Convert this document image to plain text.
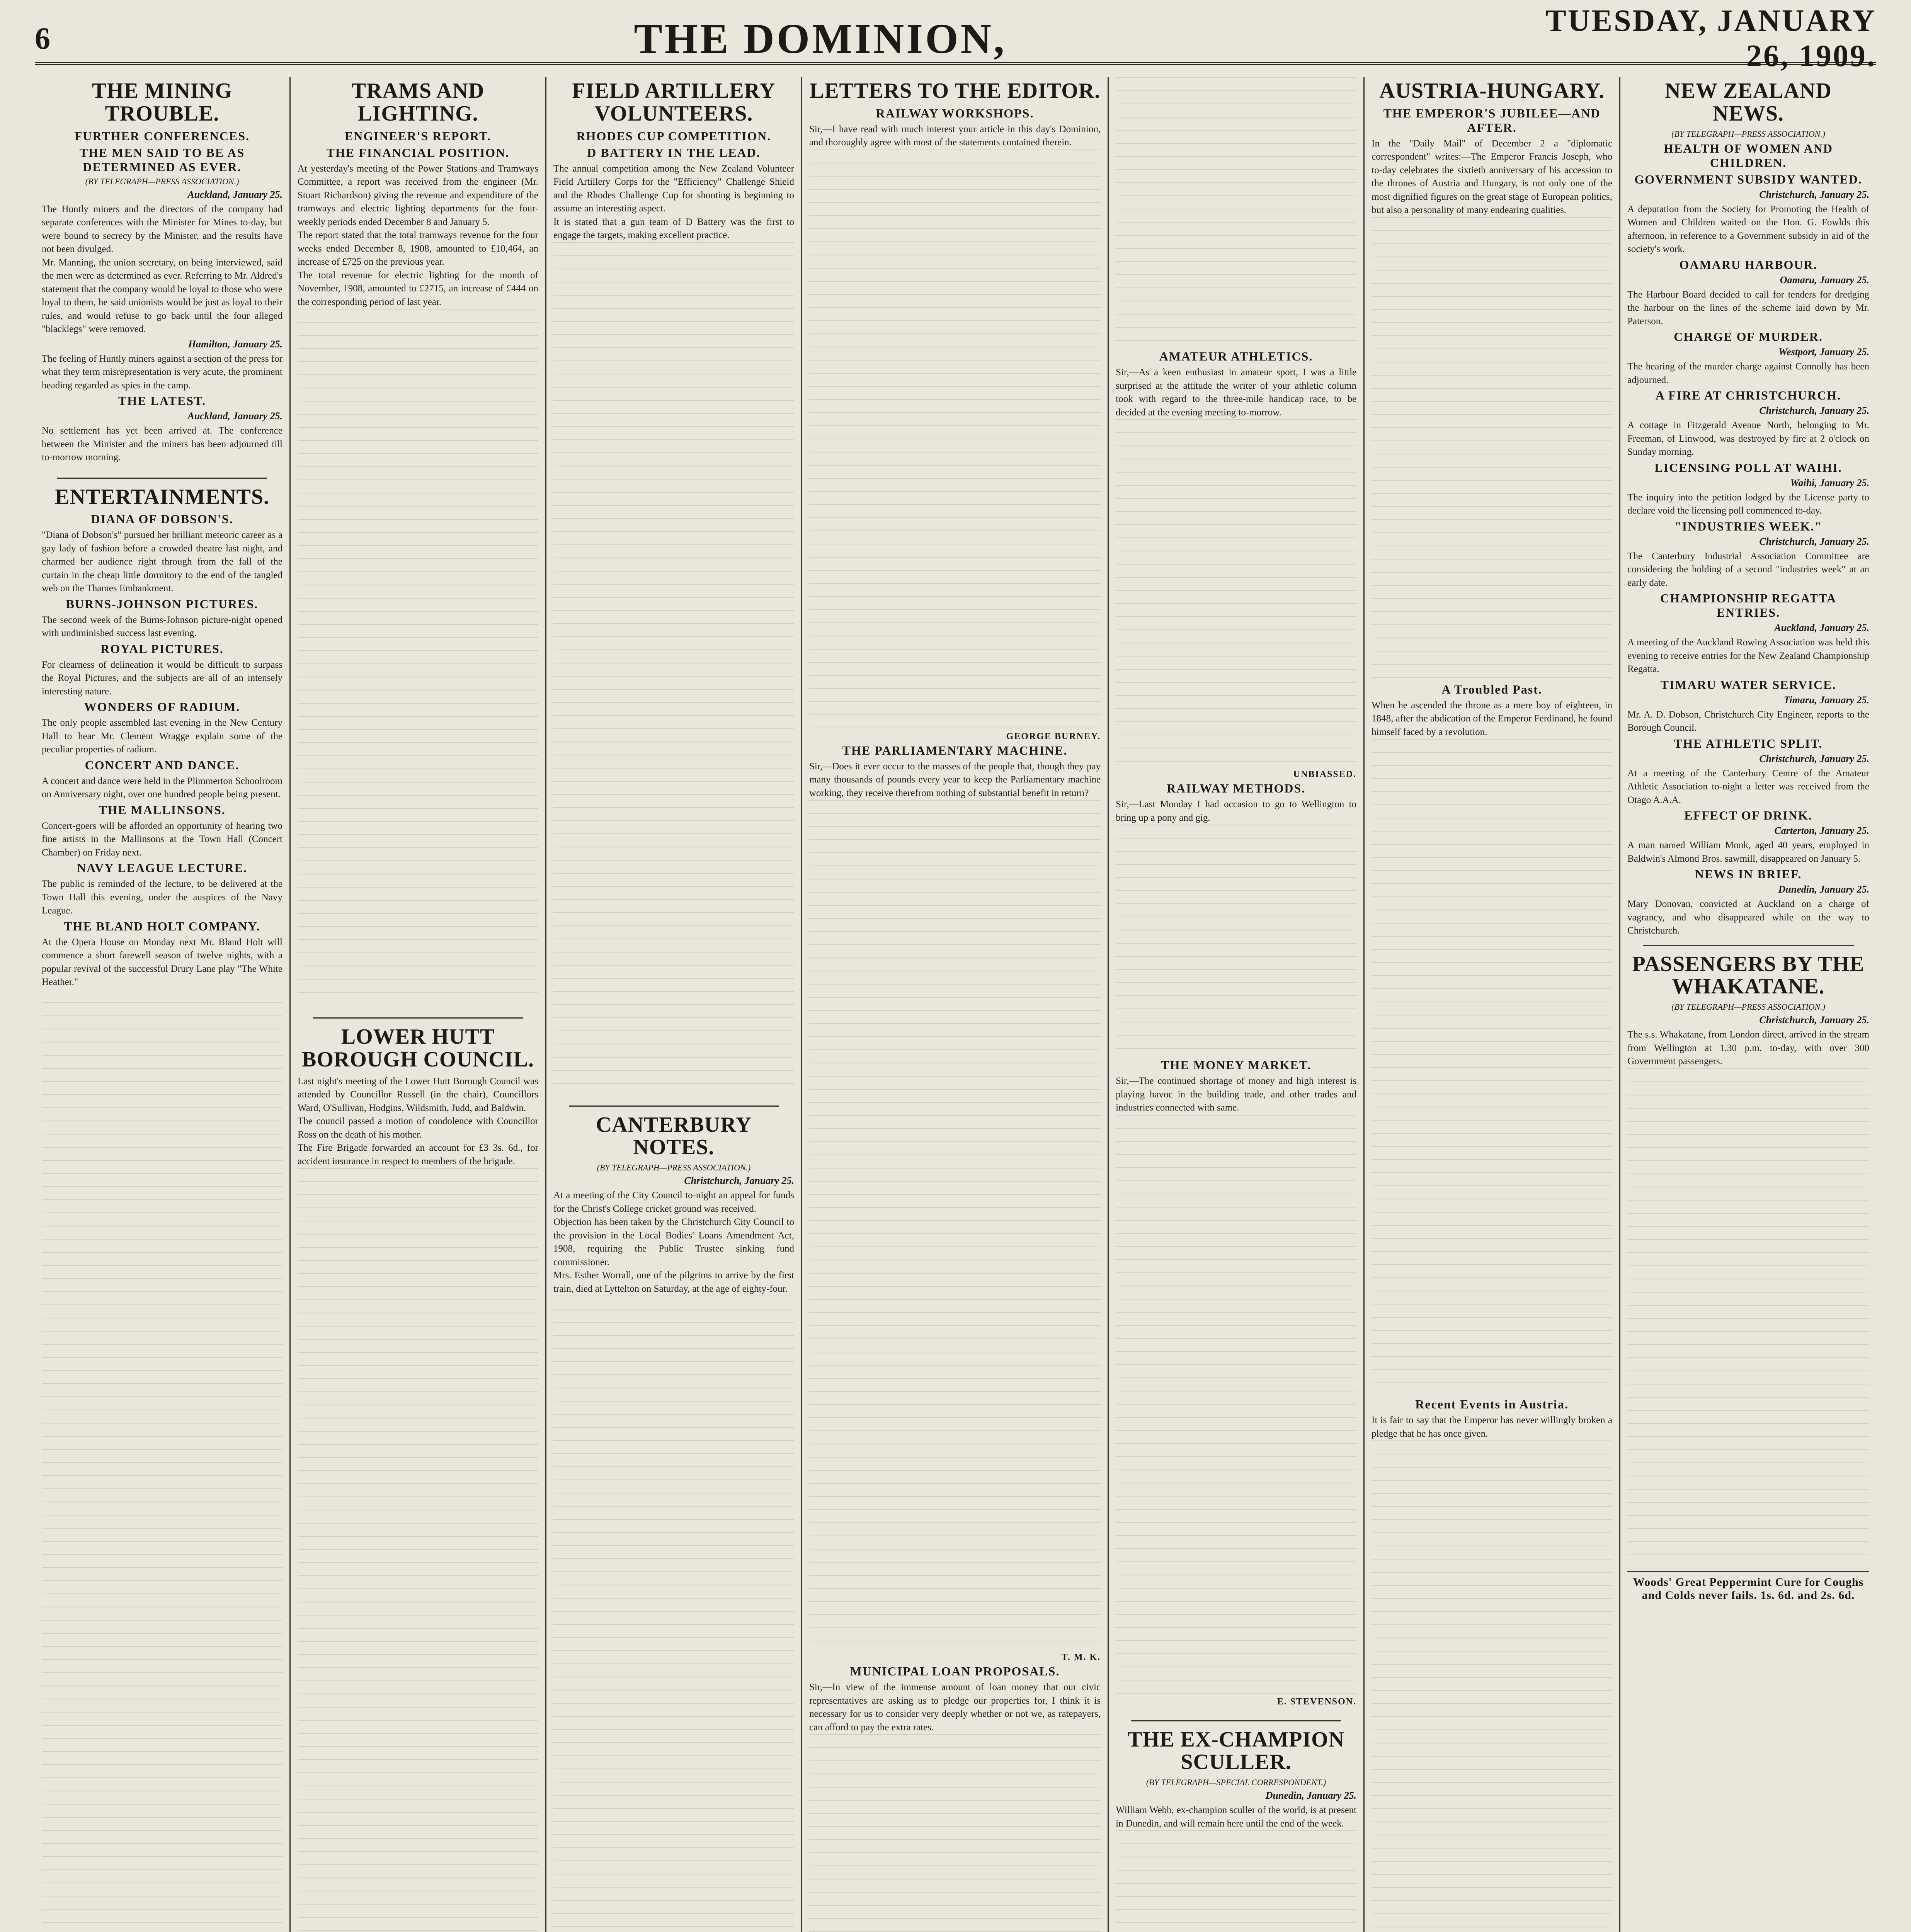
6	THE DOMINION,	TUESDAY, JANUARY 26, 1909.
THE MINING TROUBLE.
FURTHER CONFERENCES.
THE MEN SAID TO BE AS DETERMINED AS EVER.
(BY TELEGRAPH—PRESS ASSOCIATION.)
Auckland, January 25.
The Huntly miners and the directors of the company had separate conferences with the Minister for Mines to-day, but were bound to secrecy by the Minister, and the results have not been divulged.
Mr. Manning, the union secretary, on being interviewed, said the men were as determined as ever. Referring to Mr. Aldred's statement that the company would be loyal to those who were loyal to them, he said unionists would be just as loyal to their rules, and would refuse to go back until the four alleged "blacklegs" were removed.
Hamilton, January 25.
The feeling of Huntly miners against a section of the press for what they term misrepresentation is very acute, the prominent heading regarded as spies in the camp.
THE LATEST.
Auckland, January 25.
No settlement has yet been arrived at. The conference between the Minister and the miners has been adjourned till to-morrow morning.
ENTERTAINMENTS.
DIANA OF DOBSON'S.
"Diana of Dobson's" pursued her brilliant meteoric career as a gay lady of fashion before a crowded theatre last night, and charmed her audience right through from the fall of the curtain in the cheap little dormitory to the end of the tangled web on the Thames Embankment.
BURNS-JOHNSON PICTURES.
The second week of the Burns-Johnson picture-night opened with undiminished success last evening.
ROYAL PICTURES.
For clearness of delineation it would be difficult to surpass the Royal Pictures, and the subjects are all of an intensely interesting nature.
WONDERS OF RADIUM.
The only people assembled last evening in the New Century Hall to hear Mr. Clement Wragge explain some of the peculiar properties of radium.
CONCERT AND DANCE.
A concert and dance were held in the Plimmerton Schoolroom on Anniversary night, over one hundred people being present.
THE MALLINSONS.
Concert-goers will be afforded an opportunity of hearing two fine artists in the Mallinsons at the Town Hall (Concert Chamber) on Friday next.
NAVY LEAGUE LECTURE.
The public is reminded of the lecture, to be delivered at the Town Hall this evening, under the auspices of the Navy League.
THE BLAND HOLT COMPANY.
At the Opera House on Monday next Mr. Bland Holt will commence a short farewell season of twelve nights, with a popular revival of the successful Drury Lane play "The White Heather."
TRAMS AND LIGHTING.
ENGINEER'S REPORT.
THE FINANCIAL POSITION.
At yesterday's meeting of the Power Stations and Tramways Committee, a report was received from the engineer (Mr. Stuart Richardson) giving the revenue and expenditure of the tramways and electric lighting departments for the four-weekly periods ended December 8 and January 5.
The report stated that the total tramways revenue for the four weeks ended December 8, 1908, amounted to £10,464, an increase of £725 on the previous year.
The total revenue for electric lighting for the month of November, 1908, amounted to £2715, an increase of £444 on the corresponding period of last year.
LOWER HUTT BOROUGH COUNCIL.
Last night's meeting of the Lower Hutt Borough Council was attended by Councillor Russell (in the chair), Councillors Ward, O'Sullivan, Hodgins, Wildsmith, Judd, and Baldwin.
The council passed a motion of condolence with Councillor Ross on the death of his mother.
The Fire Brigade forwarded an account for £3 3s. 6d., for accident insurance in respect to members of the brigade.
FIELD ARTILLERY VOLUNTEERS.
RHODES CUP COMPETITION.
D BATTERY IN THE LEAD.
The annual competition among the New Zealand Volunteer Field Artillery Corps for the "Efficiency" Challenge Shield and the Rhodes Challenge Cup for shooting is beginning to assume an interesting aspect.
It is stated that a gun team of D Battery was the first to engage the targets, making excellent practice.
CANTERBURY NOTES.
(BY TELEGRAPH—PRESS ASSOCIATION.)
Christchurch, January 25.
At a meeting of the City Council to-night an appeal for funds for the Christ's College cricket ground was received.
Objection has been taken by the Christchurch City Council to the provision in the Local Bodies' Loans Amendment Act, 1908, requiring the Public Trustee sinking fund commissioner.
Mrs. Esther Worrall, one of the pilgrims to arrive by the first train, died at Lyttelton on Saturday, at the age of eighty-four.
LETTERS TO THE EDITOR.
RAILWAY WORKSHOPS.
Sir,—I have read with much interest your article in this day's Dominion, and thoroughly agree with most of the statements contained therein.
GEORGE BURNEY.
THE PARLIAMENTARY MACHINE.
Sir,—Does it ever occur to the masses of the people that, though they pay many thousands of pounds every year to keep the Parliamentary machine working, they receive therefrom nothing of substantial benefit in return?
T. M. K.
MUNICIPAL LOAN PROPOSALS.
Sir,—In view of the immense amount of loan money that our civic representatives are asking us to pledge our properties for, I think it is necessary for us to consider very deeply whether or not we, as ratepayers, can afford to pay the extra rates.
AMATEUR ATHLETICS.
Sir,—As a keen enthusiast in amateur sport, I was a little surprised at the attitude the writer of your athletic column took with regard to the three-mile handicap race, to be decided at the evening meeting to-morrow.
UNBIASSED.
RAILWAY METHODS.
Sir,—Last Monday I had occasion to go to Wellington to bring up a pony and gig.
THE MONEY MARKET.
Sir,—The continued shortage of money and high interest is playing havoc in the building trade, and other trades and industries connected with same.
E. STEVENSON.
THE EX-CHAMPION SCULLER.
(BY TELEGRAPH—SPECIAL CORRESPONDENT.)
Dunedin, January 25.
William Webb, ex-champion sculler of the world, is at present in Dunedin, and will remain here until the end of the week.
AUSTRIA-HUNGARY.
THE EMPEROR'S JUBILEE—AND AFTER.
In the "Daily Mail" of December 2 a "diplomatic correspondent" writes:—The Emperor Francis Joseph, who to-day celebrates the sixtieth anniversary of his accession to the thrones of Austria and Hungary, is not only one of the most dignified figures on the great stage of European politics, but also a personality of many endearing qualities.
A Troubled Past.
When he ascended the throne as a mere boy of eighteen, in 1848, after the abdication of the Emperor Ferdinand, he found himself faced by a revolution.
Recent Events in Austria.
It is fair to say that the Emperor has never willingly broken a pledge that he has once given.
NEW ZEALAND NEWS.
(BY TELEGRAPH—PRESS ASSOCIATION.)
HEALTH OF WOMEN AND CHILDREN.
GOVERNMENT SUBSIDY WANTED.
Christchurch, January 25.
A deputation from the Society for Promoting the Health of Women and Children waited on the Hon. G. Fowlds this afternoon, in reference to a Government subsidy in aid of the society's work.
OAMARU HARBOUR.
Oamaru, January 25.
The Harbour Board decided to call for tenders for dredging the harbour on the lines of the scheme laid down by Mr. Paterson.
CHARGE OF MURDER.
Westport, January 25.
The hearing of the murder charge against Connolly has been adjourned.
A FIRE AT CHRISTCHURCH.
Christchurch, January 25.
A cottage in Fitzgerald Avenue North, belonging to Mr. Freeman, of Linwood, was destroyed by fire at 2 o'clock on Sunday morning.
LICENSING POLL AT WAIHI.
Waihi, January 25.
The inquiry into the petition lodged by the License party to declare void the licensing poll commenced to-day.
"INDUSTRIES WEEK."
Christchurch, January 25.
The Canterbury Industrial Association Committee are considering the holding of a second "industries week" at an early date.
CHAMPIONSHIP REGATTA ENTRIES.
Auckland, January 25.
A meeting of the Auckland Rowing Association was held this evening to receive entries for the New Zealand Championship Regatta.
TIMARU WATER SERVICE.
Timaru, January 25.
Mr. A. D. Dobson, Christchurch City Engineer, reports to the Borough Council.
THE ATHLETIC SPLIT.
Christchurch, January 25.
At a meeting of the Canterbury Centre of the Amateur Athletic Association to-night a letter was received from the Otago A.A.A.
EFFECT OF DRINK.
Carterton, January 25.
A man named William Monk, aged 40 years, employed in Baldwin's Almond Bros. sawmill, disappeared on January 5.
NEWS IN BRIEF.
Dunedin, January 25.
Mary Donovan, convicted at Auckland on a charge of vagrancy, and who disappeared while on the way to Christchurch.
PASSENGERS BY THE WHAKATANE.
(BY TELEGRAPH—PRESS ASSOCIATION.)
Christchurch, January 25.
The s.s. Whakatane, from London direct, arrived in the stream from Wellington at 1.30 p.m. to-day, with over 300 Government passengers.
Woods' Great Peppermint Cure for Coughs and Colds never fails. 1s. 6d. and 2s. 6d.
